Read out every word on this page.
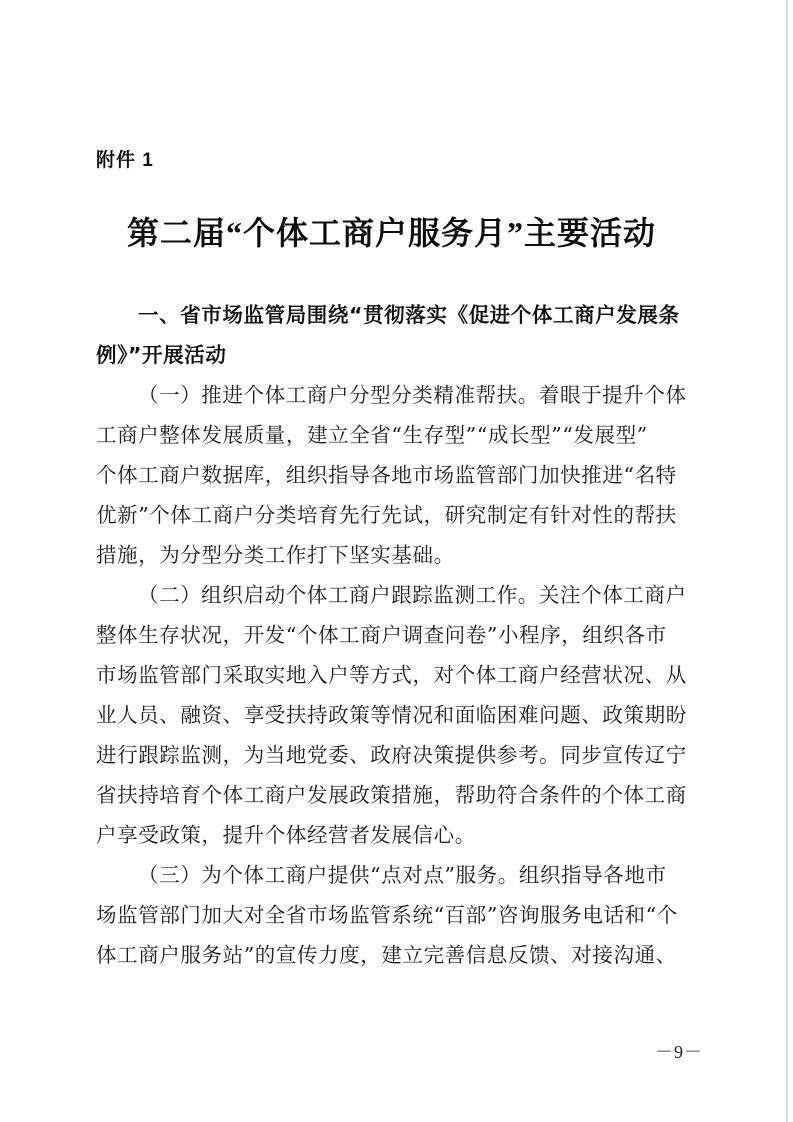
附件 1
第二届“个体工商户服务月”主要活动
一、省市场监管局围绕“贯彻落实《促进个体工商户发展条
例》”开展活动
（一）推进个体工商户分型分类精准帮扶。着眼于提升个体
工商户整体发展质量，建立全省“生存型”“成长型”“发展型”
个体工商户数据库，组织指导各地市场监管部门加快推进“名特
优新”个体工商户分类培育先行先试，研究制定有针对性的帮扶
措施，为分型分类工作打下坚实基础。
（二）组织启动个体工商户跟踪监测工作。关注个体工商户
整体生存状况，开发“个体工商户调查问卷”小程序，组织各市
市场监管部门采取实地入户等方式，对个体工商户经营状况、从
业人员、融资、享受扶持政策等情况和面临困难问题、政策期盼
进行跟踪监测，为当地党委、政府决策提供参考。同步宣传辽宁
省扶持培育个体工商户发展政策措施，帮助符合条件的个体工商
户享受政策，提升个体经营者发展信心。
（三）为个体工商户提供“点对点”服务。组织指导各地市
场监管部门加大对全省市场监管系统“百部”咨询服务电话和“个
体工商户服务站”的宣传力度，建立完善信息反馈、对接沟通、
－9－
